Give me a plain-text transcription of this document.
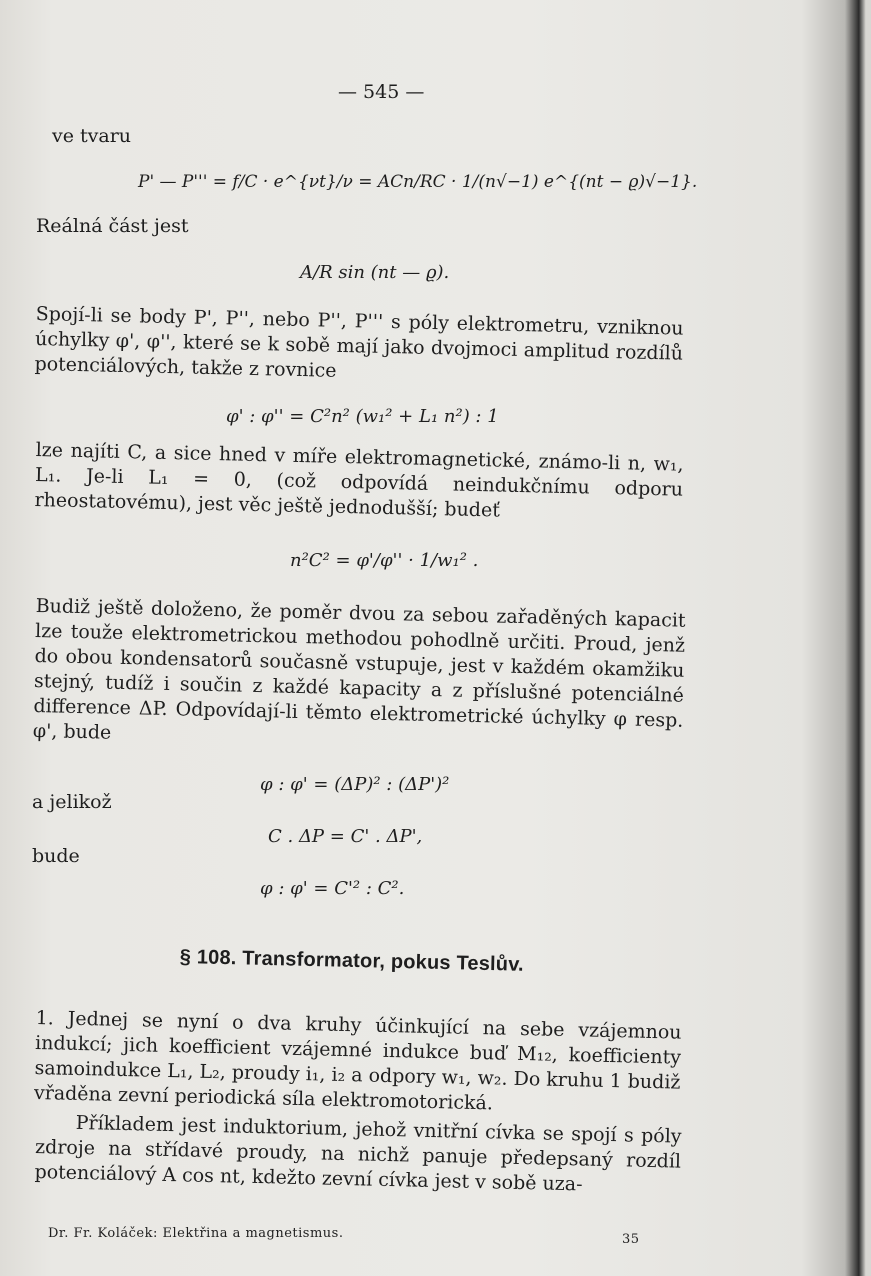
— 545 —
ve tvaru
P' — P''' = f/C · e^{νt}/ν = ACn/RC · 1/(n√−1) e^{(nt − ϱ)√−1}.
Reálná část jest
A/R sin (nt — ϱ).

Spojí-li se body P', P'', nebo P'', P''' s póly elektrometru, vzniknou úchylky φ', φ'', které se k sobě mají jako dvojmoci amplitud rozdílů potenciálových, takže z rovnice

φ' : φ'' = C²n² (w₁² + L₁ n²) : 1

lze najíti C, a sice hned v míře elektromagnetické, známo-li n, w₁, L₁. Je-li L₁ = 0, (což odpovídá neindukčnímu odporu rheostatovému), jest věc ještě jednodušší; budeť

n²C² = φ'/φ'' · 1/w₁² .

Budiž ještě doloženo, že poměr dvou za sebou zařaděných kapacit lze touže elektrometrickou methodou pohodlně určiti. Proud, jenž do obou kondensatorů současně vstupuje, jest v každém okamžiku stejný, tudíž i součin z každé kapacity a z příslušné potenciálné difference ΔP. Odpovídají-li těmto elektrometrické úchylky φ resp. φ', bude

φ : φ' = (ΔP)² : (ΔP')²
a jelikož
C . ΔP = C' . ΔP',
bude
φ : φ' = C'² : C².
§ 108. Transformator, pokus Teslův.

1. Jednej se nyní o dva kruhy účinkující na sebe vzájemnou indukcí; jich koefficient vzájemné indukce buď M₁₂, koefficienty samoindukce L₁, L₂, proudy i₁, i₂ a odpory w₁, w₂. Do kruhu 1 budiž vřaděna zevní periodická síla elektromotorická.

Příkladem jest induktorium, jehož vnitřní cívka se spojí s póly zdroje na střídavé proudy, na nichž panuje předepsaný rozdíl potenciálový A cos nt, kdežto zevní cívka jest v sobě uza-

Dr. Fr. Koláček: Elektřina a magnetismus.	35
